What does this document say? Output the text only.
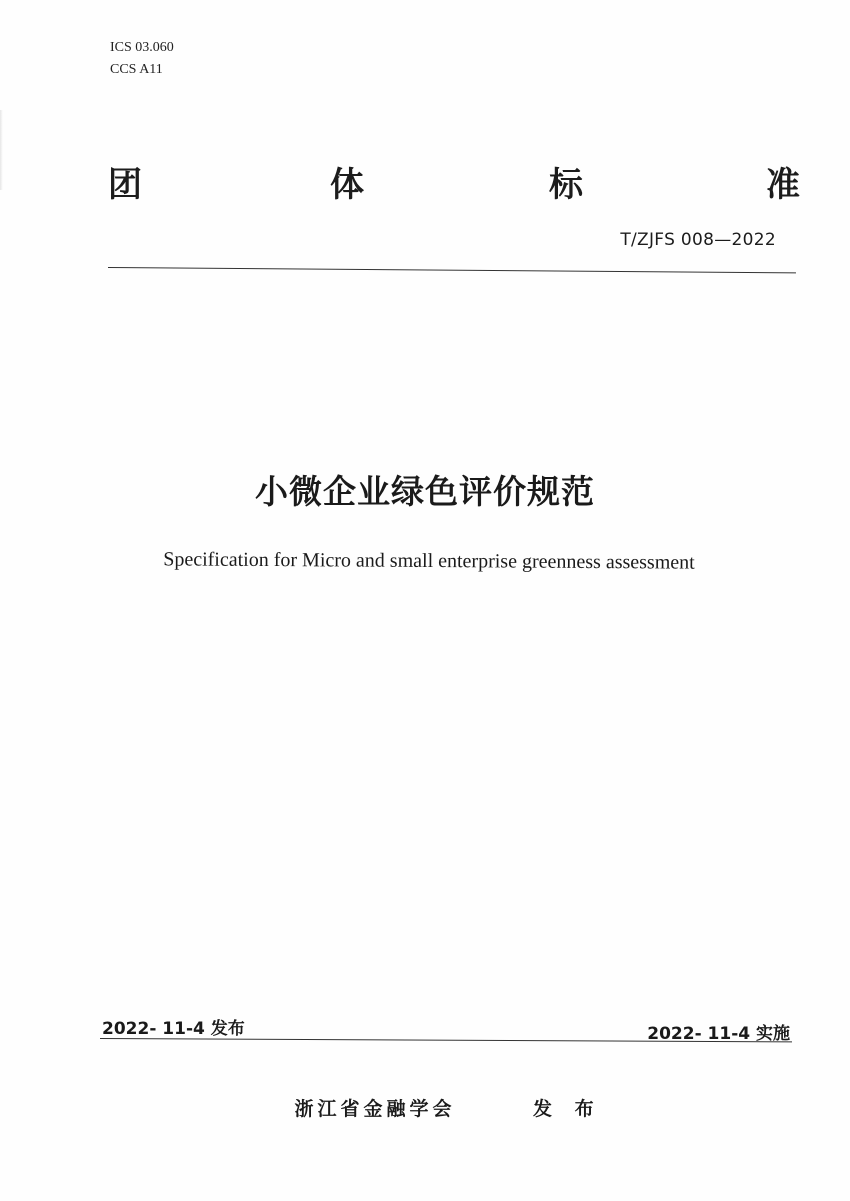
ICS 03.060
CCS A11
团	体	标	准
T/ZJFS 008—2022
小微企业绿色评价规范
Specification for Micro and small enterprise greenness assessment
2022- 11-4 发布	2022- 11-4 实施
浙江省金融学会	发 布
